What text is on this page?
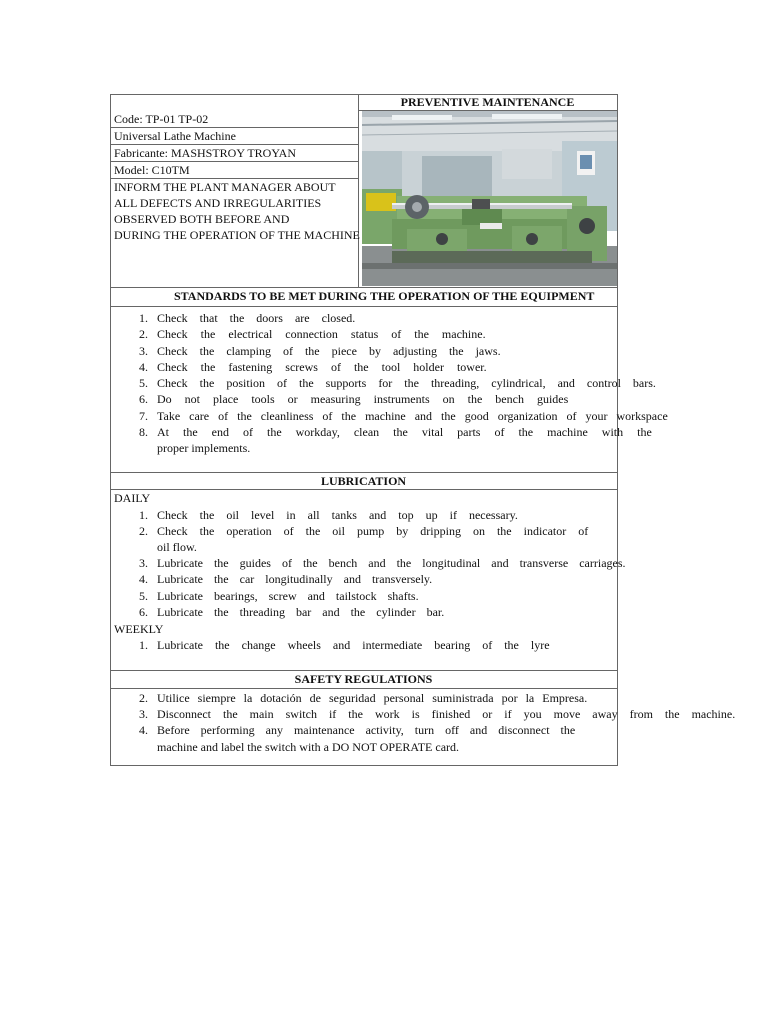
PREVENTIVE MAINTENANCE
Code: TP-01 TP-02
Universal Lathe Machine
Fabricante: MASHSTROY TROYAN
Model: C10TM
INFORM THE PLANT MANAGER ABOUT
ALL DEFECTS AND IRREGULARITIES
OBSERVED BOTH BEFORE AND
DURING THE OPERATION OF THE MACHINE
STANDARDS TO BE MET DURING THE OPERATION OF THE EQUIPMENT
1. Check that the doors are closed.
2. Check the electrical connection status of the machine.
3. Check the clamping of the piece by adjusting the jaws.
4. Check the fastening screws of the tool holder tower.
5. Check the position of the supports for the threading, cylindrical, and control bars.
6. Do not place tools or measuring instruments on the bench guides
7. Take care of the cleanliness of the machine and the good organization of your workspace
8. At the end of the workday, clean the vital parts of the machine with the
proper implements.
LUBRICATION
DAILY
1. Check the oil level in all tanks and top up if necessary.
2. Check the operation of the oil pump by dripping on the indicator of
oil flow.
3. Lubricate the guides of the bench and the longitudinal and transverse carriages.
4. Lubricate the car longitudinally and transversely.
5. Lubricate bearings, screw and tailstock shafts.
6. Lubricate the threading bar and the cylinder bar.
WEEKLY
1. Lubricate the change wheels and intermediate bearing of the lyre
SAFETY REGULATIONS
2. Utilice siempre la dotación de seguridad personal suministrada por la Empresa.
3. Disconnect the main switch if the work is finished or if you move away from the machine.
4. Before performing any maintenance activity, turn off and disconnect the
machine and label the switch with a DO NOT OPERATE card.
